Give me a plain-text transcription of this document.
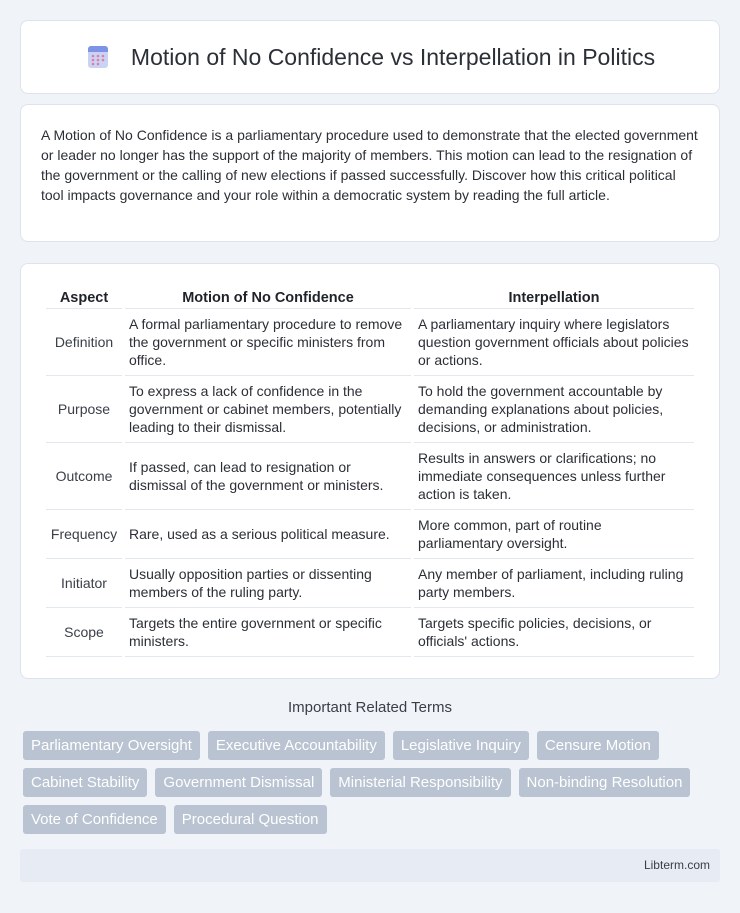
Motion of No Confidence vs Interpellation in Politics

A Motion of No Confidence is a parliamentary procedure used to demonstrate that the elected government or leader no longer has the support of the majority of members. This motion can lead to the resignation of the government or the calling of new elections if passed successfully. Discover how this critical political tool impacts governance and your role within a democratic system by reading the full article.

Aspect	Motion of No Confidence	Interpellation
Definition	A formal parliamentary procedure to remove the government or specific ministers from office.	A parliamentary inquiry where legislators question government officials about policies or actions.
Purpose	To express a lack of confidence in the government or cabinet members, potentially leading to their dismissal.	To hold the government accountable by demanding explanations about policies, decisions, or administration.
Outcome	If passed, can lead to resignation or dismissal of the government or ministers.	Results in answers or clarifications; no immediate consequences unless further action is taken.
Frequency	Rare, used as a serious political measure.	More common, part of routine parliamentary oversight.
Initiator	Usually opposition parties or dissenting members of the ruling party.	Any member of parliament, including ruling party members.
Scope	Targets the entire government or specific ministers.	Targets specific policies, decisions, or officials' actions.
Important Related Terms
Parliamentary Oversight	Executive Accountability	Legislative Inquiry	Censure Motion
Cabinet Stability	Government Dismissal	Ministerial Responsibility	Non-binding Resolution
Vote of Confidence	Procedural Question
Libterm.com
